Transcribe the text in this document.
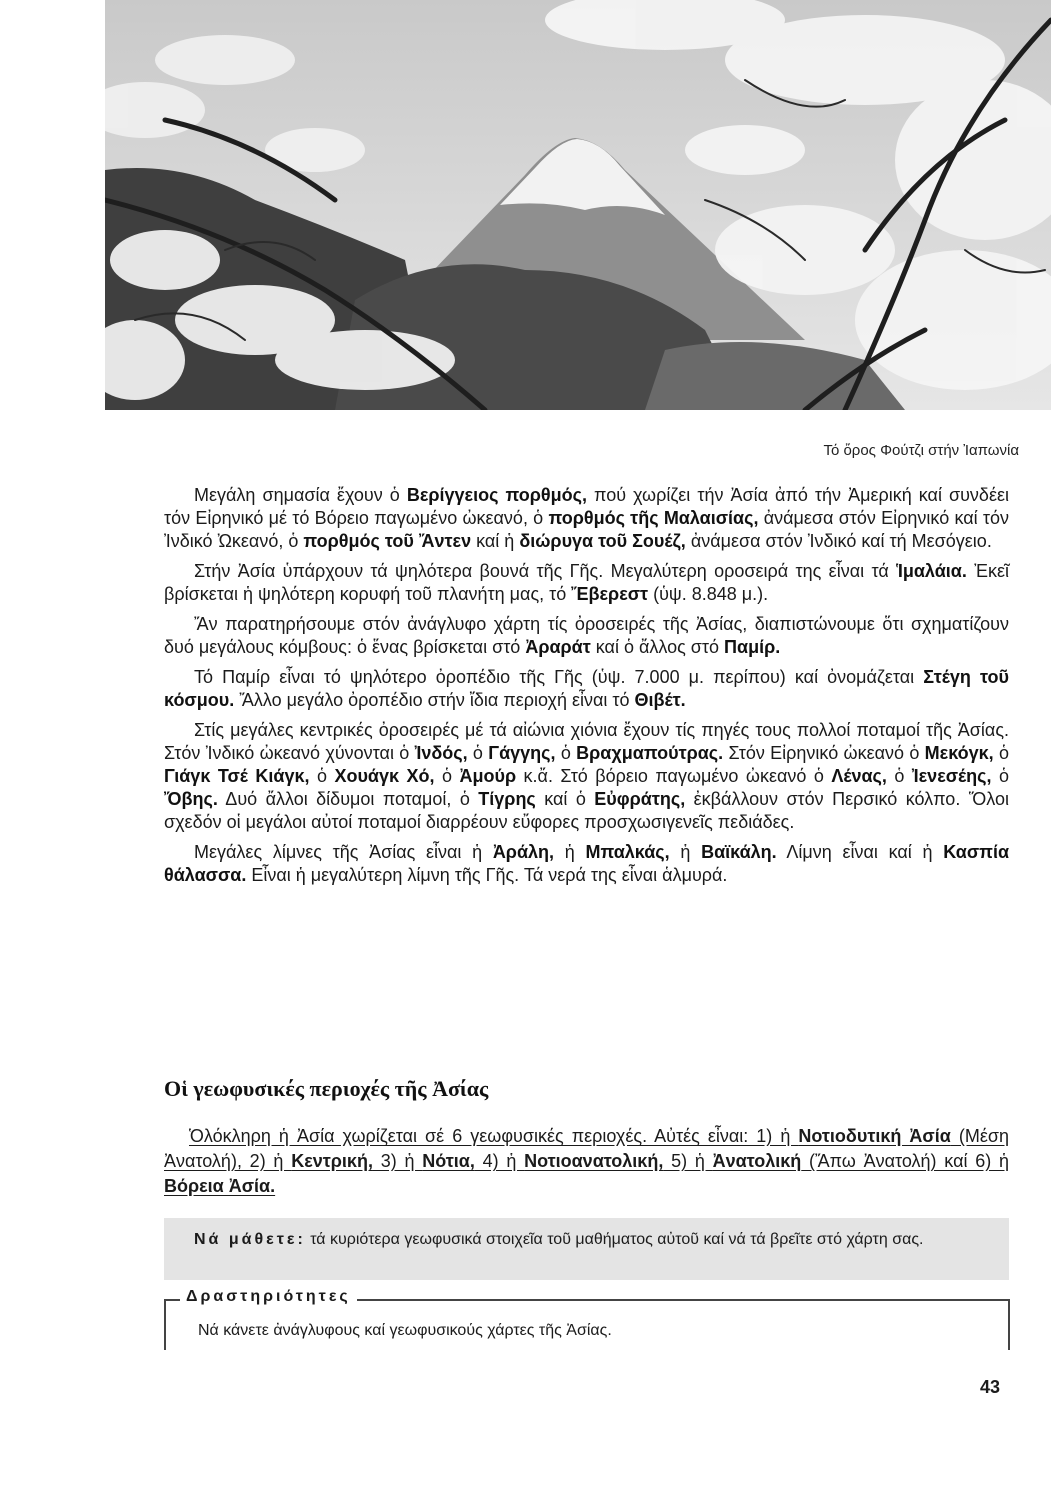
Τό ὄρος Φούτζι στήν Ἰαπωνία

Μεγάλη σημασία ἔχουν ὁ Βερίγγειος πορθμός, πού χωρίζει τήν Ἀσία ἀπό τήν Ἀμερική καί συνδέει τόν Εἰρηνικό μέ τό Βόρειο παγωμένο ὠκεανό, ὁ πορθμός τῆς Μαλαισίας, ἀνάμεσα στόν Εἰρηνικό καί τόν Ἰνδικό Ὠκεανό, ὁ πορθμός τοῦ Ἄντεν καί ἡ διώρυγα τοῦ Σουέζ, ἀνάμεσα στόν Ἰνδικό καί τή Μεσόγειο.

Στήν Ἀσία ὑπάρχουν τά ψηλότερα βουνά τῆς Γῆς. Μεγαλύτερη οροσειρά της εἶναι τά Ἱμαλάια. Ἐκεῖ βρίσκεται ἡ ψηλότερη κορυφή τοῦ πλανήτη μας, τό Ἔβερεστ (ὑψ. 8.848 μ.).

Ἄν παρατηρήσουμε στόν ἀνάγλυφο χάρτη τίς ὀροσειρές τῆς Ἀσίας, διαπιστώνουμε ὅτι σχηματίζουν δυό μεγάλους κόμβους: ὁ ἕνας βρίσκεται στό Ἀραράτ καί ὁ ἄλλος στό Παμίρ.

Τό Παμίρ εἶναι τό ψηλότερο ὀροπέδιο τῆς Γῆς (ὑψ. 7.000 μ. περίπου) καί ὀνομάζεται Στέγη τοῦ κόσμου. Ἄλλο μεγάλο ὀροπέδιο στήν ἴδια περιοχή εἶναι τό Θιβέτ.

Στίς μεγάλες κεντρικές ὀροσειρές μέ τά αἰώνια χιόνια ἔχουν τίς πηγές τους πολλοί ποταμοί τῆς Ἀσίας. Στόν Ἰνδικό ὠκεανό χύνονται ὁ Ἰνδός, ὁ Γάγγης, ὁ Βραχμαπούτρας. Στόν Εἰρηνικό ὠκεανό ὁ Μεκόγκ, ὁ Γιάγκ Τσέ Κιάγκ, ὁ Χουάγκ Χό, ὁ Ἀμούρ κ.ἄ. Στό βόρειο παγωμένο ὠκεανό ὁ Λένας, ὁ Ἰενεσέης, ὁ Ὄβης. Δυό ἄλλοι δίδυμοι ποταμοί, ὁ Τίγρης καί ὁ Εὐφράτης, ἐκβάλλουν στόν Περσικό κόλπο. Ὅλοι σχεδόν οἱ μεγάλοι αὐτοί ποταμοί διαρρέουν εὔφορες προσχωσιγενεῖς πεδιάδες.

Μεγάλες λίμνες τῆς Ἀσίας εἶναι ἡ Ἀράλη, ἡ Μπαλκάς, ἡ Βαϊκάλη. Λίμνη εἶναι καί ἡ Κασπία θάλασσα. Εἶναι ἡ μεγαλύτερη λίμνη τῆς Γῆς. Τά νερά της εἶναι ἁλμυρά.

Οἱ γεωφυσικές περιοχές τῆς Ἀσίας

Ὁλόκληρη ἡ Ἀσία χωρίζεται σέ 6 γεωφυσικές περιοχές. Αὐτές εἶναι: 1) ἡ Νοτιοδυτική Ἀσία (Μέση Ἀνατολή), 2) ἡ Κεντρική, 3) ἡ Νότια, 4) ἡ Νοτιοανατολική, 5) ἡ Ἀνατολική (Ἄπω Ἀνατολή) καί 6) ἡ Βόρεια Ἀσία.

Νά μάθετε: τά κυριότερα γεωφυσικά στοιχεῖα τοῦ μαθήματος αὐτοῦ καί νά τά βρεῖτε στό χάρτη σας.
Δραστηριότητες
Νά κάνετε ἀνάγλυφους καί γεωφυσικούς χάρτες τῆς Ἀσίας.
43
